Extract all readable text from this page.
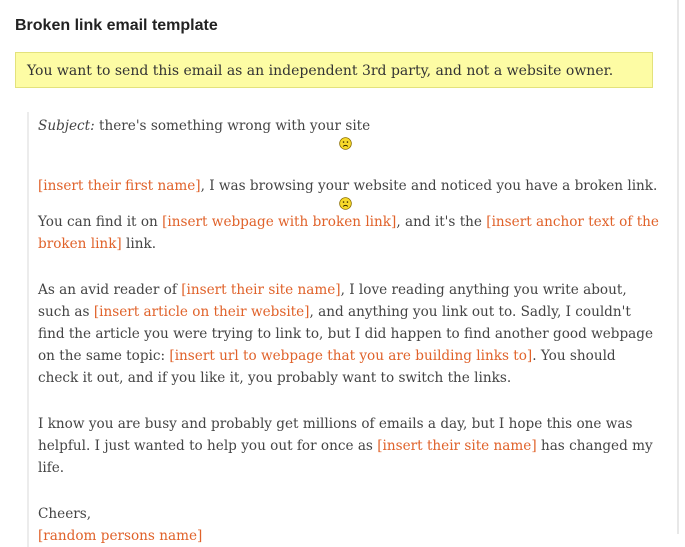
Broken link email template
You want to send this email as an independent 3rd party, and not a website owner.

Subject: there's something wrong with your site

[insert their first name], I was browsing your website and noticed you have a broken link.

You can find it on [insert webpage with broken link], and it's the [insert anchor text of the broken link] link.

As an avid reader of [insert their site name], I love reading anything you write about, such as [insert article on their website], and anything you link out to. Sadly, I couldn't find the article you were trying to link to, but I did happen to find another good webpage on the same topic: [insert url to webpage that you are building links to]. You should check it out, and if you like it, you probably want to switch the links.

I know you are busy and probably get millions of emails a day, but I hope this one was helpful. I just wanted to help you out for once as [insert their site name] has changed my life.

Cheers,

[random persons name]
